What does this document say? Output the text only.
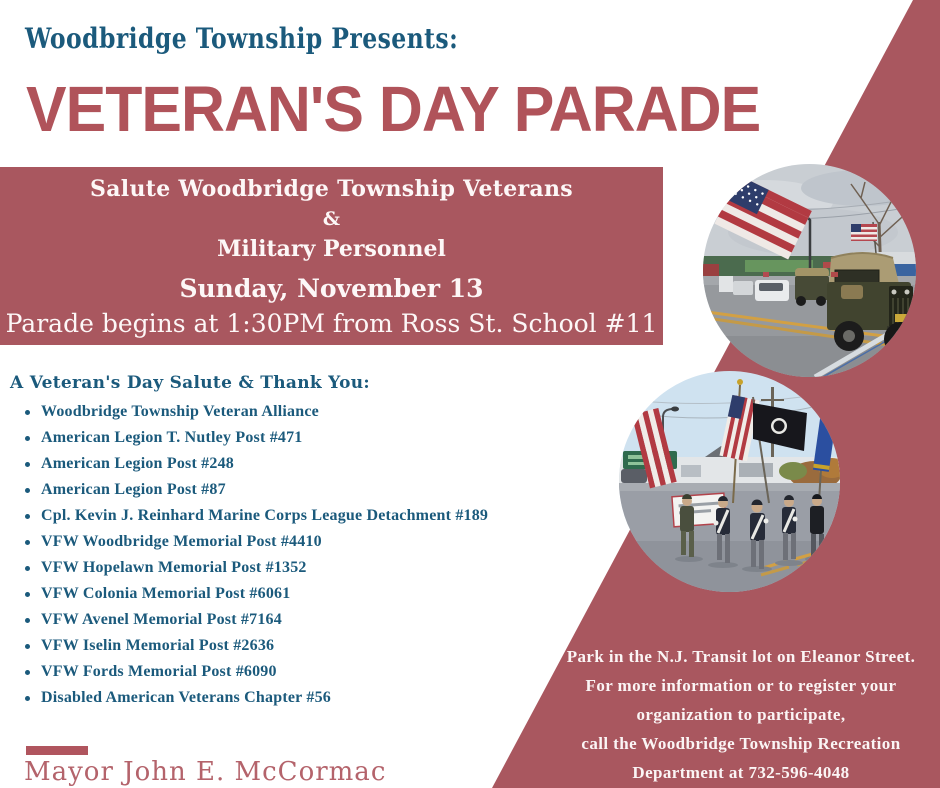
Woodbridge Township Presents:
VETERAN'S DAY PARADE
Salute Woodbridge Township Veterans
&
Military Personnel
Sunday, November 13
Parade begins at 1:30PM from Ross St. School #11
A Veteran's Day Salute & Thank You:
Woodbridge Township Veteran Alliance
American Legion T. Nutley Post #471
American Legion Post #248
American Legion Post #87
Cpl. Kevin J. Reinhard Marine Corps League Detachment #189
VFW Woodbridge Memorial Post #4410
VFW Hopelawn Memorial Post #1352
VFW Colonia Memorial Post #6061
VFW Avenel Memorial Post #7164
VFW Iselin Memorial Post #2636
VFW Fords Memorial Post #6090
Disabled American Veterans Chapter #56
Mayor John E. McCormac
Park in the N.J. Transit lot on Eleanor Street.
For more information or to register your
organization to participate,
call the Woodbridge Township Recreation
Department at 732-596-4048
